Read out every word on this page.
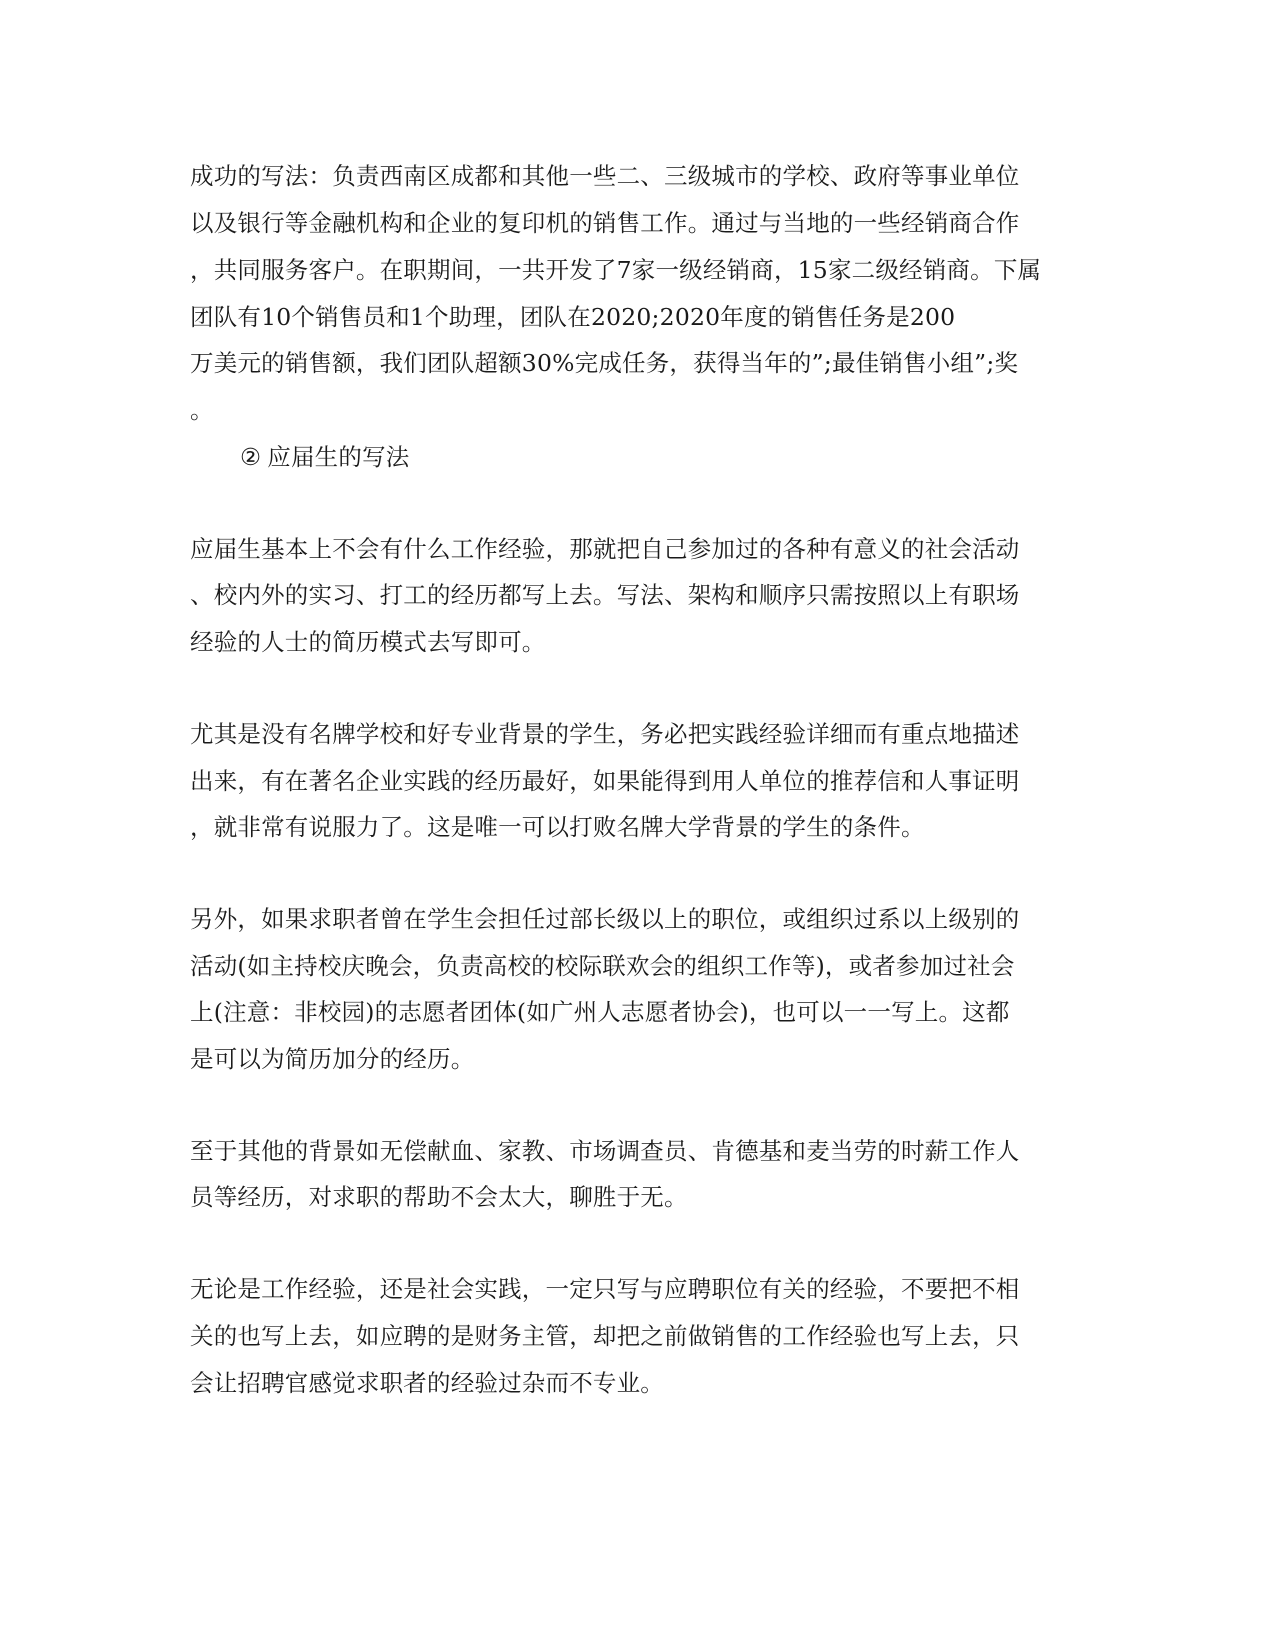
成功的写法：负责西南区成都和其他一些二、三级城市的学校、政府等事业单位

以及银行等金融机构和企业的复印机的销售工作。通过与当地的一些经销商合作

，共同服务客户。在职期间，一共开发了7家一级经销商，15家二级经销商。下属

团队有10个销售员和1个助理，团队在2020;2020年度的销售任务是200

万美元的销售额，我们团队超额30%完成任务，获得当年的”;最佳销售小组”;奖

。

② 应届生的写法

应届生基本上不会有什么工作经验，那就把自己参加过的各种有意义的社会活动

、校内外的实习、打工的经历都写上去。写法、架构和顺序只需按照以上有职场

经验的人士的简历模式去写即可。

尤其是没有名牌学校和好专业背景的学生，务必把实践经验详细而有重点地描述

出来，有在著名企业实践的经历最好，如果能得到用人单位的推荐信和人事证明

，就非常有说服力了。这是唯一可以打败名牌大学背景的学生的条件。

另外，如果求职者曾在学生会担任过部长级以上的职位，或组织过系以上级别的

活动(如主持校庆晚会，负责高校的校际联欢会的组织工作等)，或者参加过社会

上(注意：非校园)的志愿者团体(如广州人志愿者协会)，也可以一一写上。这都

是可以为简历加分的经历。

至于其他的背景如无偿献血、家教、市场调查员、肯德基和麦当劳的时薪工作人

员等经历，对求职的帮助不会太大，聊胜于无。

无论是工作经验，还是社会实践，一定只写与应聘职位有关的经验，不要把不相

关的也写上去，如应聘的是财务主管，却把之前做销售的工作经验也写上去，只

会让招聘官感觉求职者的经验过杂而不专业。
